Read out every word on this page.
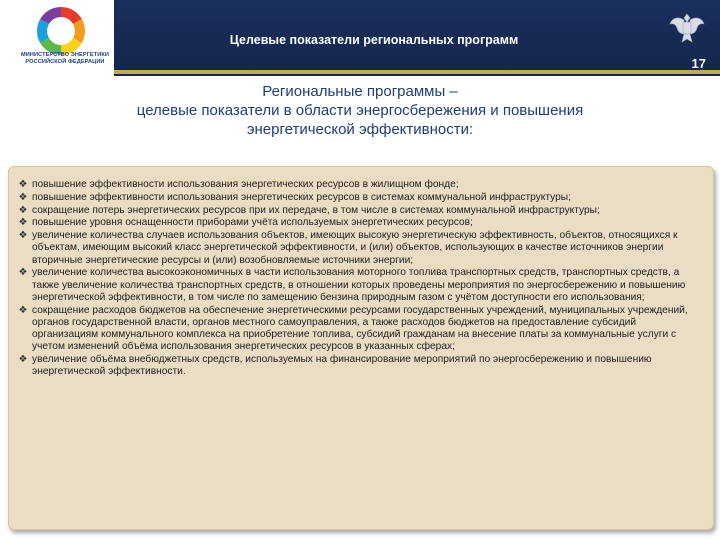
МИНИСТЕРСТВО ЭНЕРГЕТИКИ
РОССИЙСКОЙ ФЕДЕРАЦИИ
Целевые показатели региональных программ
17
Региональные программы –
целевые показатели в области энергосбережения и повышения
энергетической эффективности:
❖ повышение эффективности использования энергетических ресурсов в жилищном фонде;
❖ повышение эффективности использования энергетических ресурсов в системах коммунальной инфраструктуры;
❖ сокращение потерь энергетических ресурсов при их передаче, в том числе в системах коммунальной инфраструктуры;
❖ повышение уровня оснащенности приборами учёта используемых энергетических ресурсов;
❖ увеличение количества случаев использования объектов, имеющих высокую энергетическую эффективность, объектов, относящихся к объектам, имеющим высокий класс энергетической эффективности, и (или) объектов, использующих в качестве источников энергии вторичные энергетические ресурсы и (или) возобновляемые источники энергии;
❖ увеличение количества высокоэкономичных в части использования моторного топлива транспортных средств, транспортных средств, а также увеличение количества транспортных средств, в отношении которых проведены мероприятия по энергосбережению и повышению энергетической эффективности, в том числе по замещению бензина природным газом с учётом доступности его использования;
❖ сокращение расходов бюджетов на обеспечение энергетическими ресурсами государственных учреждений, муниципальных учреждений, органов государственной власти, органов местного самоуправления, а также расходов бюджетов на предоставление субсидий организациям коммунального комплекса на приобретение топлива, субсидий гражданам на внесение платы за коммунальные услуги с учетом изменений объёма использования энергетических ресурсов в указанных сферах;
❖ увеличение объёма внебюджетных средств, используемых на финансирование мероприятий по энергосбережению и повышению энергетической эффективности.
